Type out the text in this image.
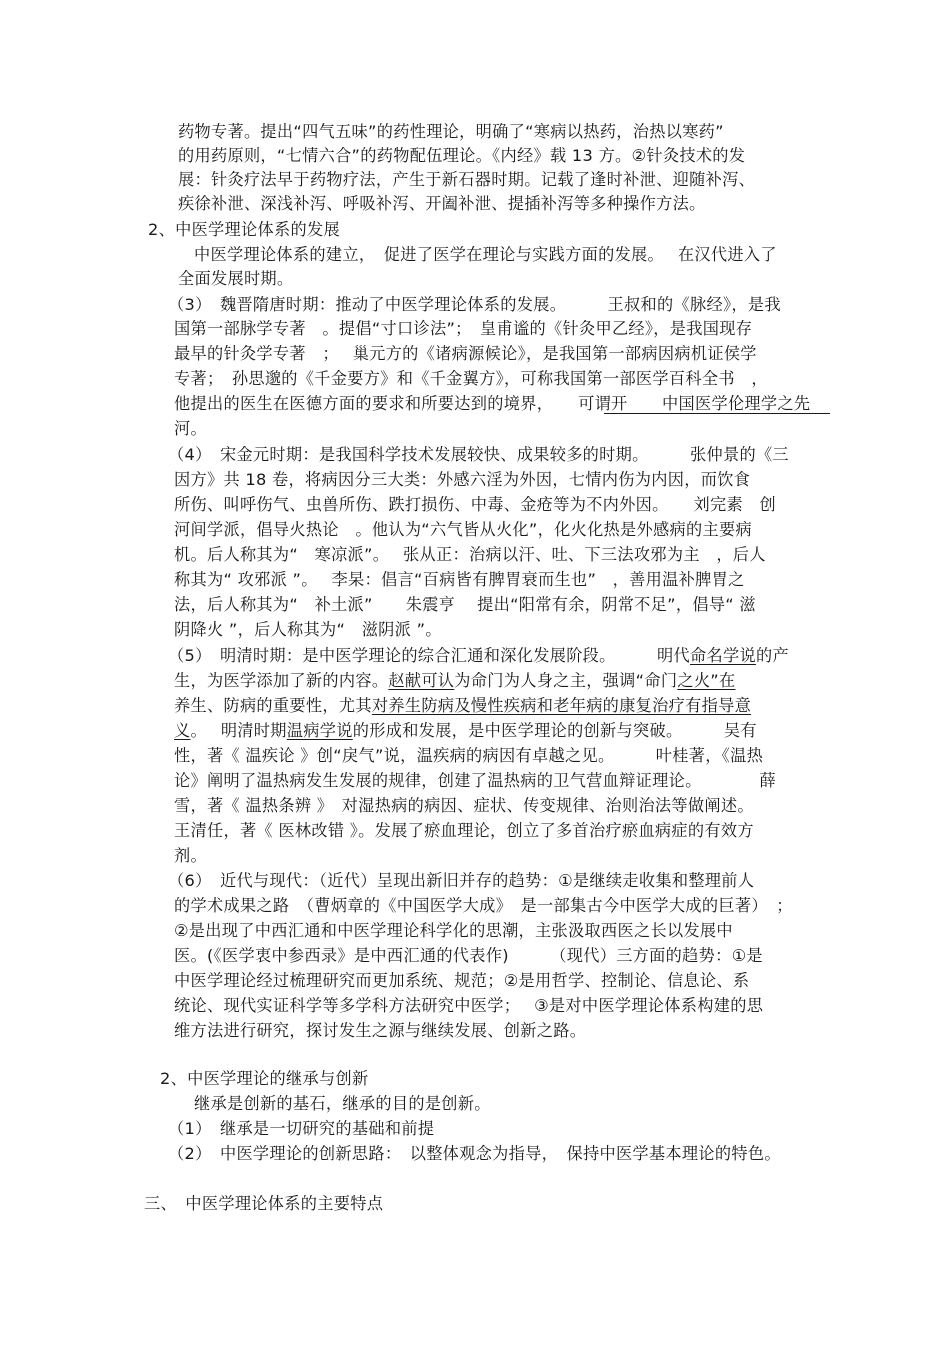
药物专著。提出“四气五味”的药性理论，明确了“寒病以热药，治热以寒药”
的用药原则，“七情六合”的药物配伍理论。《内经》载 13 方。②针灸技术的发
展：针灸疗法早于药物疗法，产生于新石器时期。记载了逢时补泄、迎随补泻、
疾徐补泄、深浅补泻、呼吸补泻、开阖补泄、提插补泻等多种操作方法。
2、中医学理论体系的发展
中医学理论体系的建立，　促进了医学在理论与实践方面的发展。　 在汉代进入了
全面发展时期。
（3）　魏晋隋唐时期：推动了中医学理论体系的发展。　　　王叔和的《脉经》，是我
国第一部脉学专著　。提倡“寸口诊法”；　皇甫谧的《针灸甲乙经》，是我国现存
最早的针灸学专著　；　 巢元方的《诸病源候论》，是我国第一部病因病机证侯学
专著；　孙思邈的《千金要方》和《千金翼方》，可称我国第一部医学百科全书　，
他提出的医生在医德方面的要求和所要达到的境界，　　可谓开 中国医学伦理学之先
河。
（4）　宋金元时期：是我国科学技术发展较快、成果较多的时期。　　　张仲景的《三
因方》共 18 卷，将病因分三大类：外感六淫为外因，七情内伤为内因，而饮食
所伤、叫呼伤气、虫兽所伤、跌打损伤、中毒、金疮等为不内外因。　　刘完素　创
河间学派，倡导火热论　。他认为“六气皆从火化”，化火化热是外感病的主要病
机。后人称其为“　寒凉派”。　 张从正：治病以汗、吐、下三法攻邪为主　，后人
称其为“ 攻邪派 ”。　 李杲：倡言“百病皆有脾胃衰而生也”　，善用温补脾胃之
法，后人称其为“　补土派”　　朱震亨　 提出“阳常有余，阴常不足”，倡导“ 滋
阴降火 ”，后人称其为“　滋阴派 ”。
（5）　明清时期：是中医学理论的综合汇通和深化发展阶段。　　　明代命名学说的产
生，为医学添加了新的内容。赵献可认为命门为人身之主，强调“命门之火”在
养生、防病的重要性，尤其对养生防病及慢性疾病和老年病的康复治疗有指导意
义。　 明清时期温病学说的形成和发展，是中医学理论的创新与突破。　　　吴有
性，著《 温疾论 》创“戾气”说，温疾病的病因有卓越之见。　　　叶桂著，《温热
论》阐明了温热病发生发展的规律，创建了温热病的卫气营血辩证理论。　　　　薛
雪，著《 温热条辨 》　对湿热病的病因、症状、传变规律、治则治法等做阐述。
王清任，著《 医林改错 》。发展了瘀血理论，创立了多首治疗瘀血病症的有效方
剂。
（6）　近代与现代：（近代）呈现出新旧并存的趋势：①是继续走收集和整理前人
的学术成果之路　（曹炳章的《中国医学大成》　是一部集古今中医学大成的巨著）　；
②是出现了中西汇通和中医学理论科学化的思潮，主张汲取西医之长以发展中
医。(《医学衷中参西录》是中西汇通的代表作)　　　（现代）三方面的趋势：①是
中医学理论经过梳理研究而更加系统、规范；②是用哲学、控制论、信息论、系
统论、现代实证科学等多学科方法研究中医学；　 ③是对中医学理论体系构建的思
维方法进行研究，探讨发生之源与继续发展、创新之路。
2、中医学理论的继承与创新
继承是创新的基石，继承的目的是创新。
（1）　继承是一切研究的基础和前提
（2）　中医学理论的创新思路：　以整体观念为指导，　保持中医学基本理论的特色。
三、　中医学理论体系的主要特点
